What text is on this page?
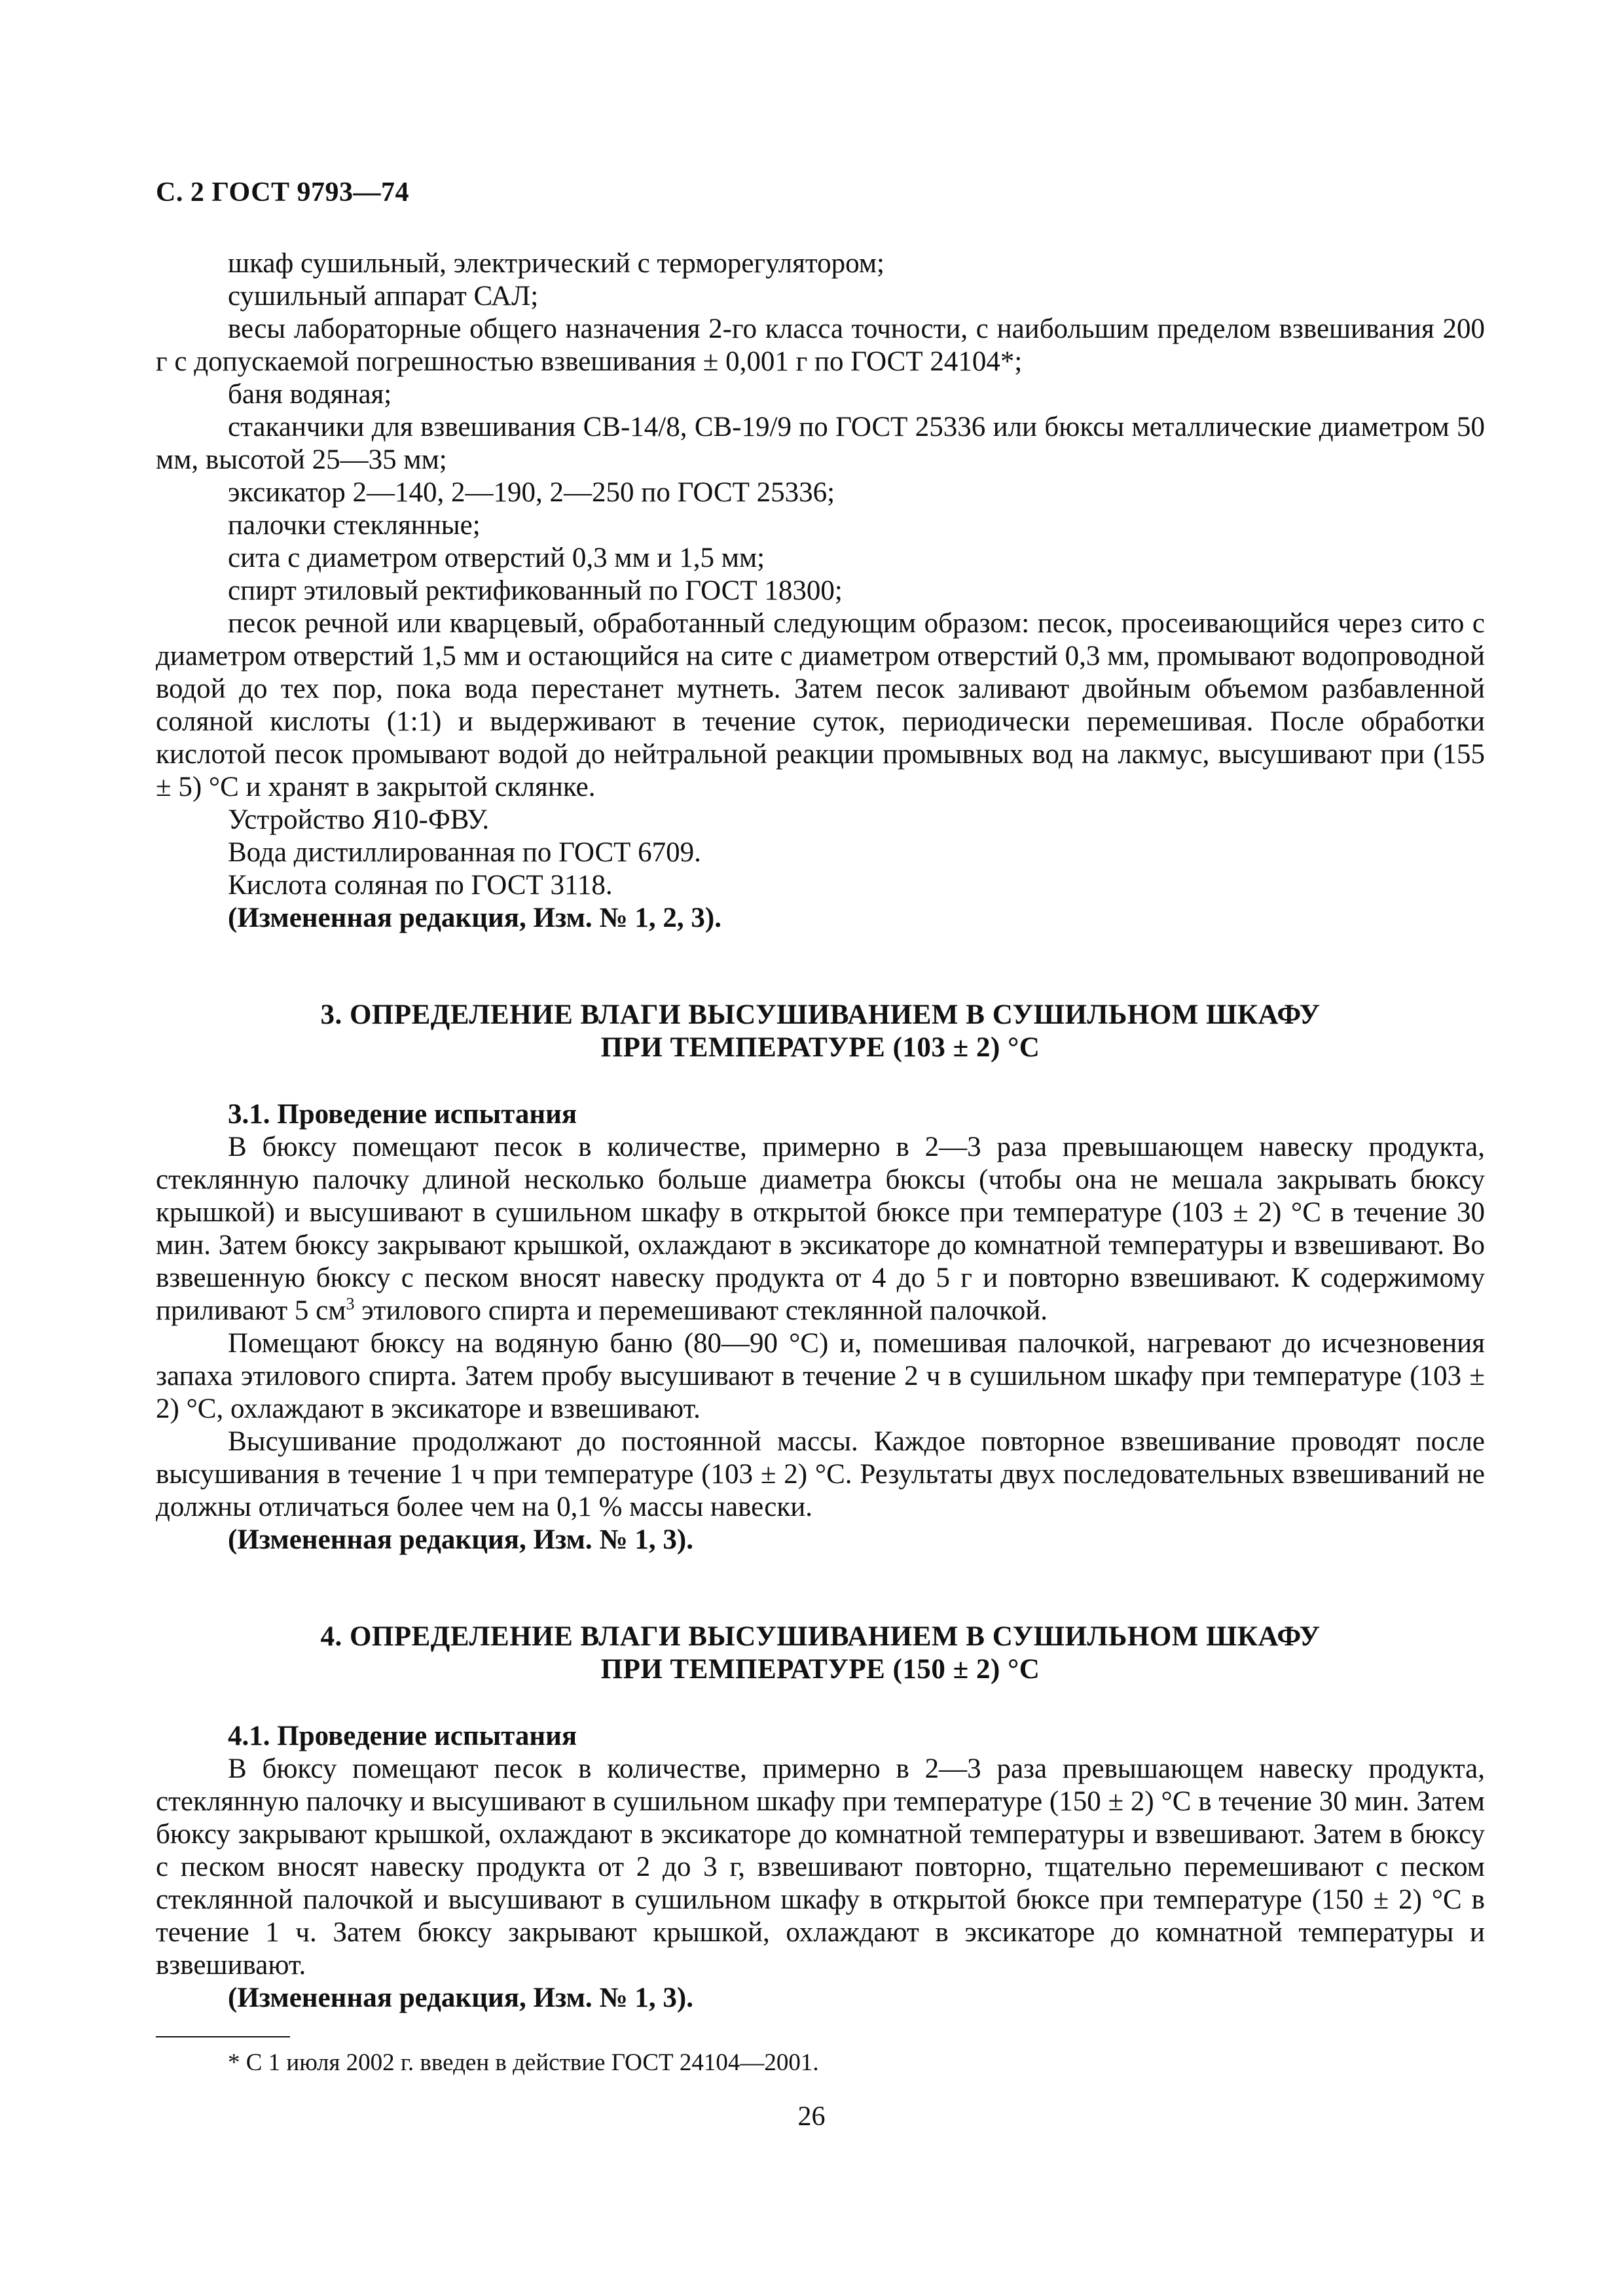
С. 2 ГОСТ 9793—74

шкаф сушильный, электрический с терморегулятором;

сушильный аппарат САЛ;

весы лабораторные общего назначения 2-го класса точности, с наибольшим пределом взвешивания 200 г с допускаемой погрешностью взвешивания ± 0,001 г по ГОСТ 24104*;

баня водяная;

стаканчики для взвешивания СВ-14/8, СВ-19/9 по ГОСТ 25336 или бюксы металлические диаметром 50 мм, высотой 25—35 мм;

эксикатор 2—140, 2—190, 2—250 по ГОСТ 25336;

палочки стеклянные;

сита с диаметром отверстий 0,3 мм и 1,5 мм;

спирт этиловый ректификованный по ГОСТ 18300;

песок речной или кварцевый, обработанный следующим образом: песок, просеивающийся через сито с диаметром отверстий 1,5 мм и остающийся на сите с диаметром отверстий 0,3 мм, промывают водопроводной водой до тех пор, пока вода перестанет мутнеть. Затем песок заливают двойным объемом разбавленной соляной кислоты (1:1) и выдерживают в течение суток, периодически перемешивая. После обработки кислотой песок промывают водой до нейтральной реакции промывных вод на лакмус, высушивают при (155 ± 5) °С и хранят в закрытой склянке.

Устройство Я10-ФВУ.

Вода дистиллированная по ГОСТ 6709.

Кислота соляная по ГОСТ 3118.

(Измененная редакция, Изм. № 1, 2, 3).

3. ОПРЕДЕЛЕНИЕ ВЛАГИ ВЫСУШИВАНИЕМ В СУШИЛЬНОМ ШКАФУ

ПРИ ТЕМПЕРАТУРЕ (103 ± 2) °С

3.1. Проведение испытания

В бюксу помещают песок в количестве, примерно в 2—3 раза превышающем навеску продукта, стеклянную палочку длиной несколько больше диаметра бюксы (чтобы она не мешала закрывать бюксу крышкой) и высушивают в сушильном шкафу в открытой бюксе при температуре (103 ± 2) °С в течение 30 мин. Затем бюксу закрывают крышкой, охлаждают в эксикаторе до комнатной температуры и взвешивают. Во взвешенную бюксу с песком вносят навеску продукта от 4 до 5 г и повторно взвешивают. К содержимому приливают 5 $см^3$ этилового спирта и перемешивают стеклянной палочкой.

Помещают бюксу на водяную баню (80—90 °С) и, помешивая палочкой, нагревают до исчезновения запаха этилового спирта. Затем пробу высушивают в течение 2 ч в сушильном шкафу при температуре (103 ± 2) °С, охлаждают в эксикаторе и взвешивают.

Высушивание продолжают до постоянной массы. Каждое повторное взвешивание проводят после высушивания в течение 1 ч при температуре (103 ± 2) °С. Результаты двух последовательных взвешиваний не должны отличаться более чем на 0,1 % массы навески.

(Измененная редакция, Изм. № 1, 3).

4. ОПРЕДЕЛЕНИЕ ВЛАГИ ВЫСУШИВАНИЕМ В СУШИЛЬНОМ ШКАФУ

ПРИ ТЕМПЕРАТУРЕ (150 ± 2) °С

4.1. Проведение испытания

В бюксу помещают песок в количестве, примерно в 2—3 раза превышающем навеску продукта, стеклянную палочку и высушивают в сушильном шкафу при температуре (150 ± 2) °С в течение 30 мин. Затем бюксу закрывают крышкой, охлаждают в эксикаторе до комнатной температуры и взвешивают. Затем в бюксу с песком вносят навеску продукта от 2 до 3 г, взвешивают повторно, тщательно перемешивают с песком стеклянной палочкой и высушивают в сушильном шкафу в открытой бюксе при температуре (150 ± 2) °С в течение 1 ч. Затем бюксу закрывают крышкой, охлаждают в эксикаторе до комнатной температуры и взвешивают.

(Измененная редакция, Изм. № 1, 3).

* С 1 июля 2002 г. введен в действие ГОСТ 24104—2001.
26
